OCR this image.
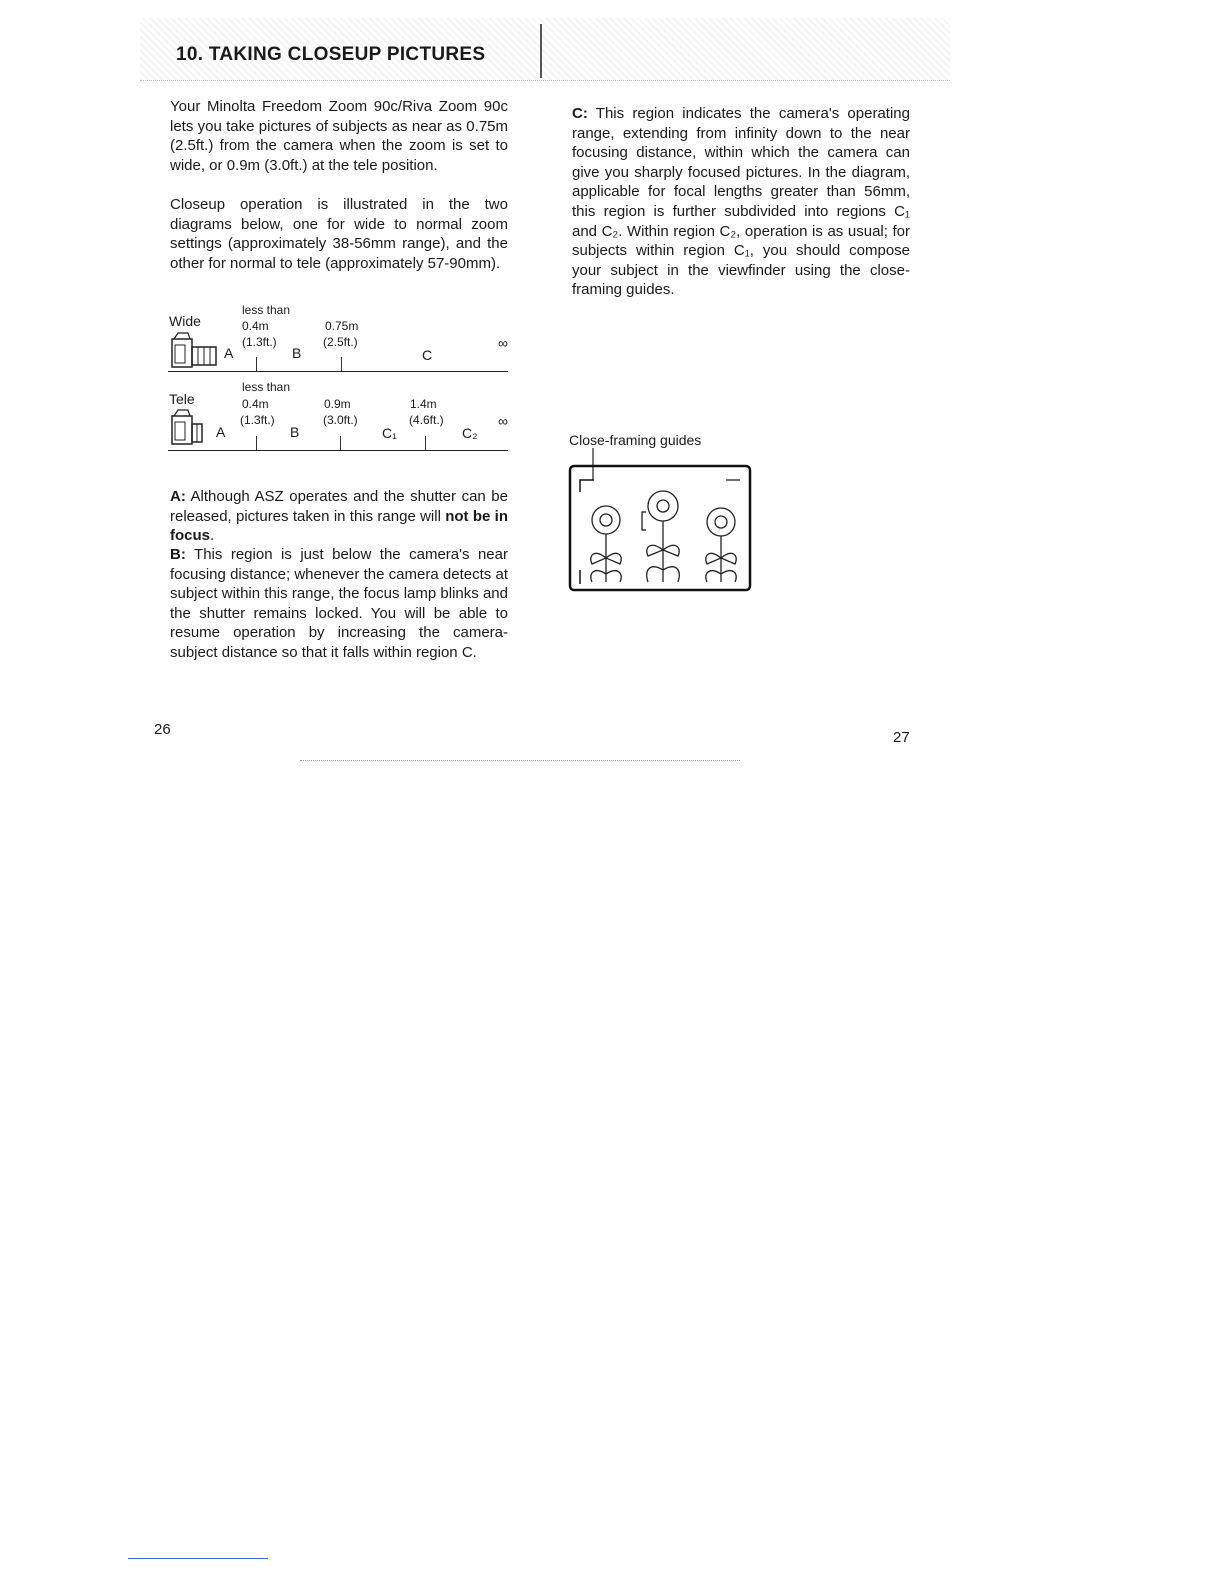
10. TAKING CLOSEUP PICTURES

Your Minolta Freedom Zoom 90c/Riva Zoom 90c lets you take pictures of subjects as near as 0.75m (2.5ft.) from the camera when the zoom is set to wide, or 0.9m (3.0ft.) at the tele position.

Closeup operation is illustrated in the two diagrams below, one for wide to normal zoom settings (approximately 38-56mm range), and the other for normal to tele (approximately 57-90mm).

Wide
less than
0.4m
(1.3ft.)
0.75m
(2.5ft.)
A	B	C
∞
Tele
less than
0.4m
(1.3ft.)
0.9m
(3.0ft.)
1.4m
(4.6ft.)
A	B	C₁	C₂
∞

A: Although ASZ operates and the shutter can be released, pictures taken in this range will not be in focus.

B: This region is just below the camera's near focusing distance; whenever the camera detects at subject within this range, the focus lamp blinks and the shutter remains locked. You will be able to resume operation by increasing the camera-subject distance so that it falls within region C.

C: This region indicates the camera's operating range, extending from infinity down to the near focusing distance, within which the camera can give you sharply focused pictures. In the diagram, applicable for focal lengths greater than 56mm, this region is further subdivided into regions C₁ and C₂. Within region C₂, operation is as usual; for subjects within region C₁, you should compose your subject in the viewfinder using the close-framing guides.

Close-framing guides
26	27
